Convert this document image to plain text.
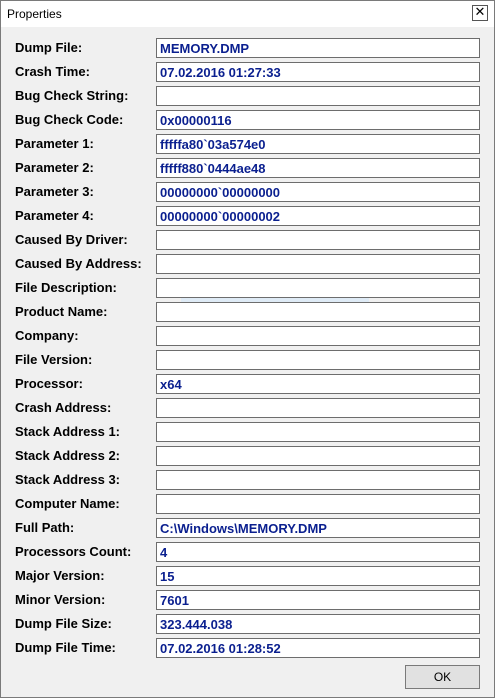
Properties	✕
Dump File:	MEMORY.DMP
Crash Time:	07.02.2016 01:27:33
Bug Check String:
Bug Check Code:	0x00000116
Parameter 1:	fffffa80`03a574e0
Parameter 2:	fffff880`0444ae48
Parameter 3:	00000000`00000000
Parameter 4:	00000000`00000002
Caused By Driver:
Caused By Address:
File Description:
Product Name:
Company:
File Version:
Processor:	x64
Crash Address:
Stack Address 1:
Stack Address 2:
Stack Address 3:
Computer Name:
Full Path:	C:\Windows\MEMORY.DMP
Processors Count:	4
Major Version:	15
Minor Version:	7601
Dump File Size:	323.444.038
Dump File Time:	07.02.2016 01:28:52
OK
